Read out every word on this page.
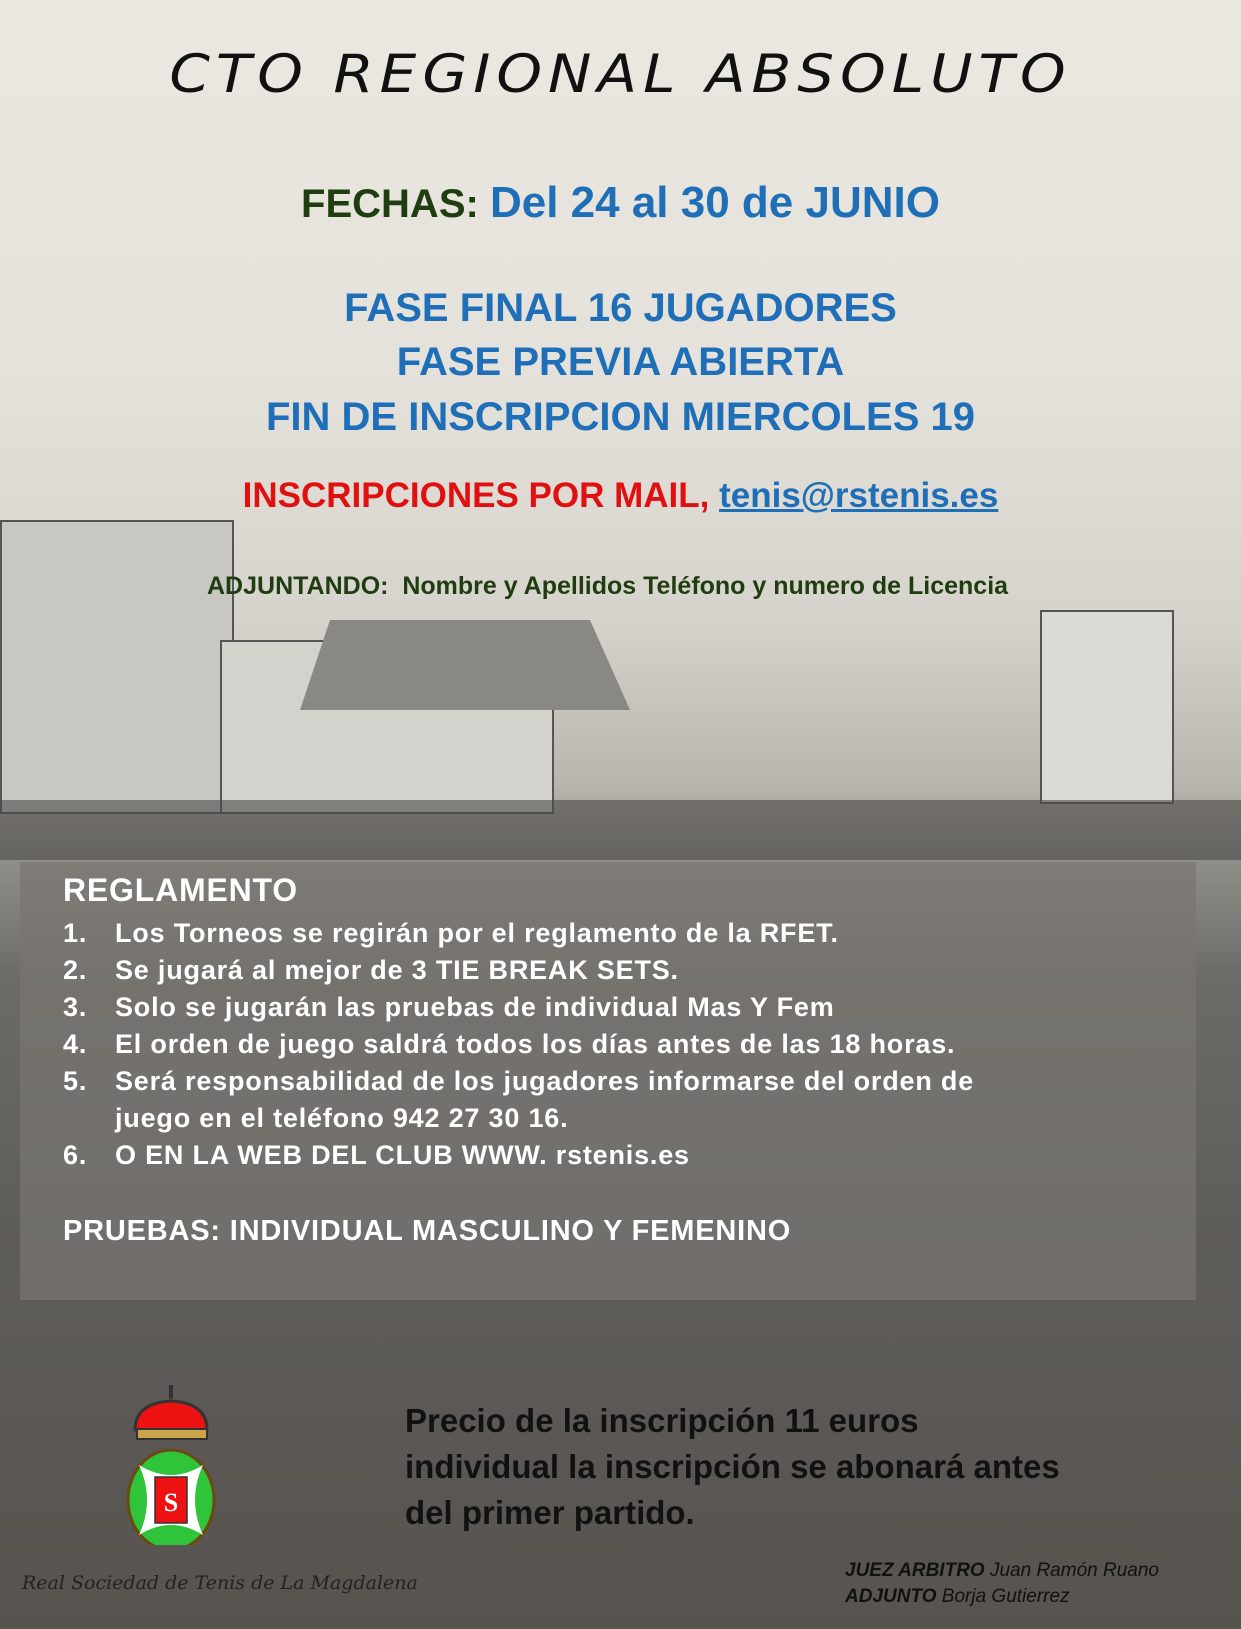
CTO REGIONAL ABSOLUTO
FECHAS: Del 24 al 30 de JUNIO
FASE FINAL 16 JUGADORES
FASE PREVIA ABIERTA
FIN DE INSCRIPCION MIERCOLES 19
INSCRIPCIONES POR MAIL, tenis@rstenis.es
ADJUNTANDO:  Nombre y Apellidos Teléfono y numero de Licencia
REGLAMENTO
1.	Los Torneos se regirán por el reglamento de la RFET.
2.	Se jugará al mejor de 3 TIE BREAK SETS.
3.	Solo se jugarán las pruebas de individual Mas Y Fem
4.	El orden de juego saldrá todos los días antes de las 18 horas.
5.	Será responsabilidad de los jugadores informarse del orden de
juego en el teléfono 942 27 30 16.
6.	O EN LA WEB DEL CLUB WWW. rstenis.es
PRUEBAS: INDIVIDUAL MASCULINO Y FEMENINO
S
Real Sociedad de Tenis de La Magdalena
Precio de la inscripción 11 euros
individual la inscripción se abonará antes
del primer partido.
JUEZ ARBITRO Juan Ramón Ruano
ADJUNTO Borja Gutierrez
